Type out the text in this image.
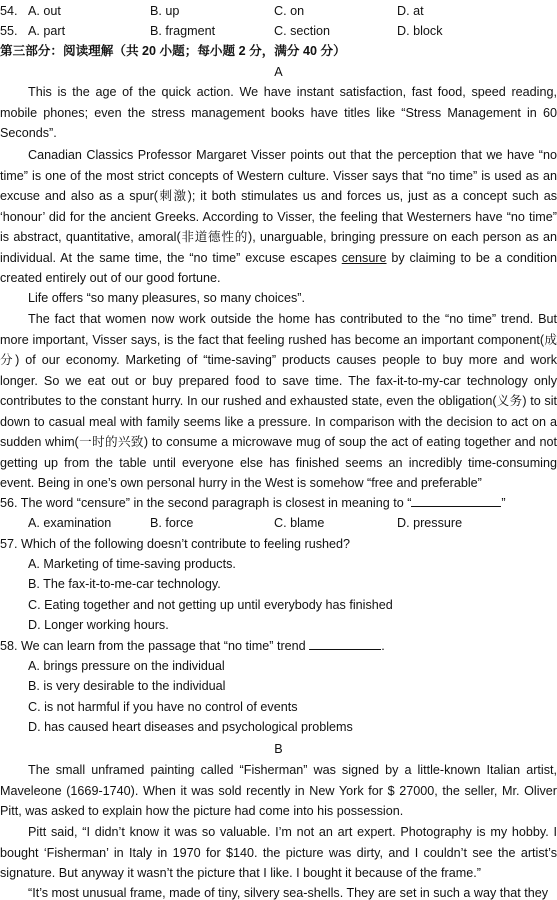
54. A. out	B. up	C. on	D. at
55. A. part	B. fragment	C. section	D. block
第三部分：阅读理解（共 20 小题；每小题 2 分，满分 40 分）
A

This is the age of the quick action. We have instant satisfaction, fast food, speed reading, mobile phones; even the stress management books have titles like “Stress Management in 60 Seconds”.

Canadian Classics Professor Margaret Visser points out that the perception that we have “no time” is one of the most strict concepts of Western culture. Visser says that “no time” is used as an excuse and also as a spur(刺激); it both stimulates us and forces us, just as a concept such as ‘honour’ did for the ancient Greeks. According to Visser, the feeling that Westerners have “no time” is abstract, quantitative, amoral(非道德性的), unarguable, bringing pressure on each person as an individual. At the same time, the “no time” excuse escapes censure by claiming to be a condition created entirely out of our good fortune.

Life offers “so many pleasures, so many choices”.

The fact that women now work outside the home has contributed to the “no time” trend. But more important, Visser says, is the fact that feeling rushed has become an important component(成分) of our economy. Marketing of “time-saving” products causes people to buy more and work longer. So we eat out or buy prepared food to save time. The fax-it-to-my-car technology only contributes to the constant hurry. In our rushed and exhausted state, even the obligation(义务) to sit down to casual meal with family seems like a pressure. In comparison with the decision to act on a sudden whim(一时的兴致) to consume a microwave mug of soup the act of eating together and not getting up from the table until everyone else has finished seems an incredibly time-consuming event. Being in one’s own personal hurry in the West is somehow “free and preferable”

56. The word “censure” in the second paragraph is closest in meaning to “	”
A. examination	B. force	C. blame	D. pressure
57. Which of the following doesn’t contribute to feeling rushed?
A. Marketing of time-saving products.
B. The fax-it-to-me-car technology.
C. Eating together and not getting up until everybody has finished
D. Longer working hours.
58. We can learn from the passage that “no time” trend	.
A. brings pressure on the individual
B. is very desirable to the individual
C. is not harmful if you have no control of events
D. has caused heart diseases and psychological problems
B

The small unframed painting called “Fisherman” was signed by a little-known Italian artist, Maveleone (1669-1740). When it was sold recently in New York for $ 27000, the seller, Mr. Oliver Pitt, was asked to explain how the picture had come into his possession.

Pitt said, “I didn’t know it was so valuable. I’m not an art expert. Photography is my hobby. I bought ‘Fisherman’ in Italy in 1970 for $140. the picture was dirty, and I couldn’t see the artist’s signature. But anyway it wasn’t the picture that I like. I bought it because of the frame.”

“It’s most unusual frame, made of tiny, silvery sea-shells. They are set in such a way that they
